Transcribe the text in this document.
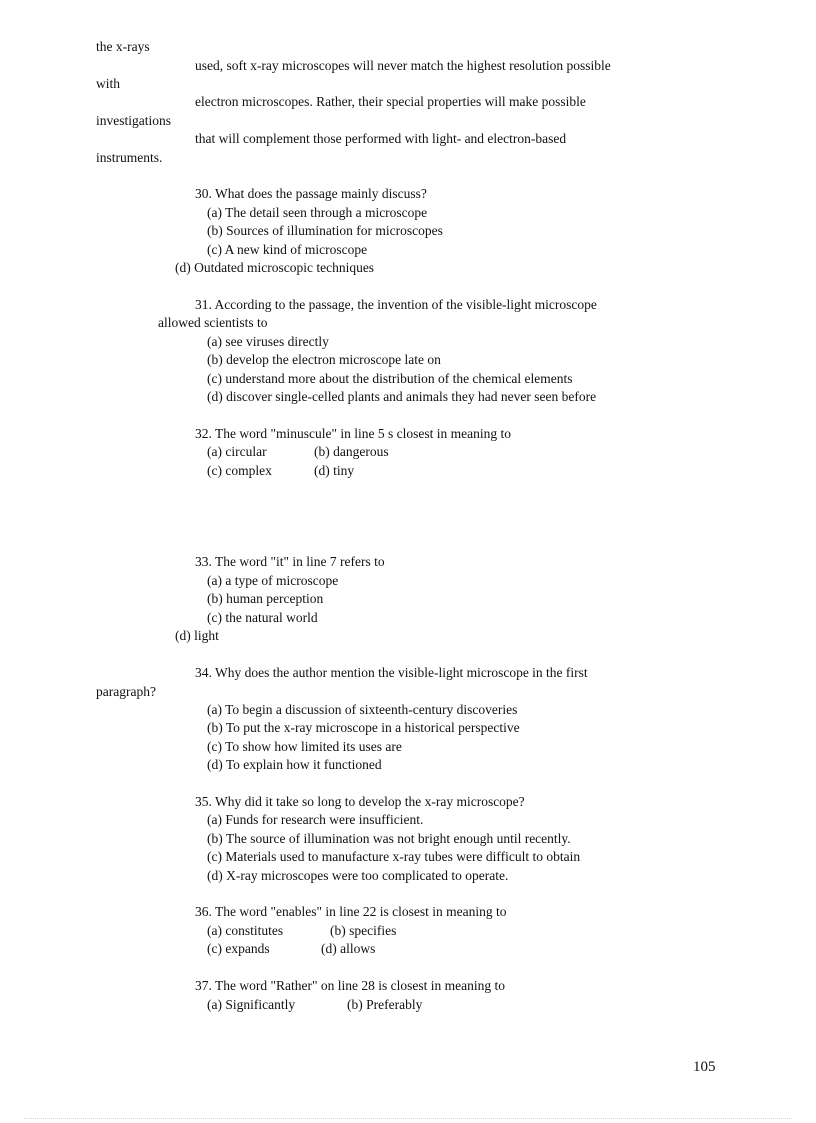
the x-rays

used, soft x-ray microscopes will never match the highest resolution possible

with

electron microscopes. Rather, their special properties will make possible

investigations

that will complement those performed with light- and electron-based

instruments.

30. What does the passage mainly discuss?

(a) The detail seen through a microscope

(b) Sources of illumination for microscopes

(c) A new kind of microscope

(d) Outdated microscopic techniques

31. According to the passage, the invention of the visible-light microscope

allowed scientists to

(a) see viruses directly

(b) develop the electron microscope late on

(c) understand more about the distribution of the chemical elements

(d) discover single-celled plants and animals they had never seen before

32. The word "minuscule" in line 5 s closest in meaning to

(a) circular	(b) dangerous

(c) complex	(d) tiny

33. The word "it" in line 7 refers to

(a) a type of microscope

(b) human perception

(c) the natural world

(d) light

34. Why does the author mention the visible-light microscope in the first

paragraph?

(a) To begin a discussion of sixteenth-century discoveries

(b) To put the x-ray microscope in a historical perspective

(c) To show how limited its uses are

(d) To explain how it functioned

35. Why did it take so long to develop the x-ray microscope?

(a) Funds for research were insufficient.

(b) The source of illumination was not bright enough until recently.

(c) Materials used to manufacture x-ray tubes were difficult to obtain

(d) X-ray microscopes were too complicated to operate.

36. The word "enables" in line 22 is closest in meaning to

(a) constitutes	(b) specifies

(c) expands	(d) allows

37. The word "Rather" on line 28 is closest in meaning to

(a) Significantly	(b) Preferably

105
